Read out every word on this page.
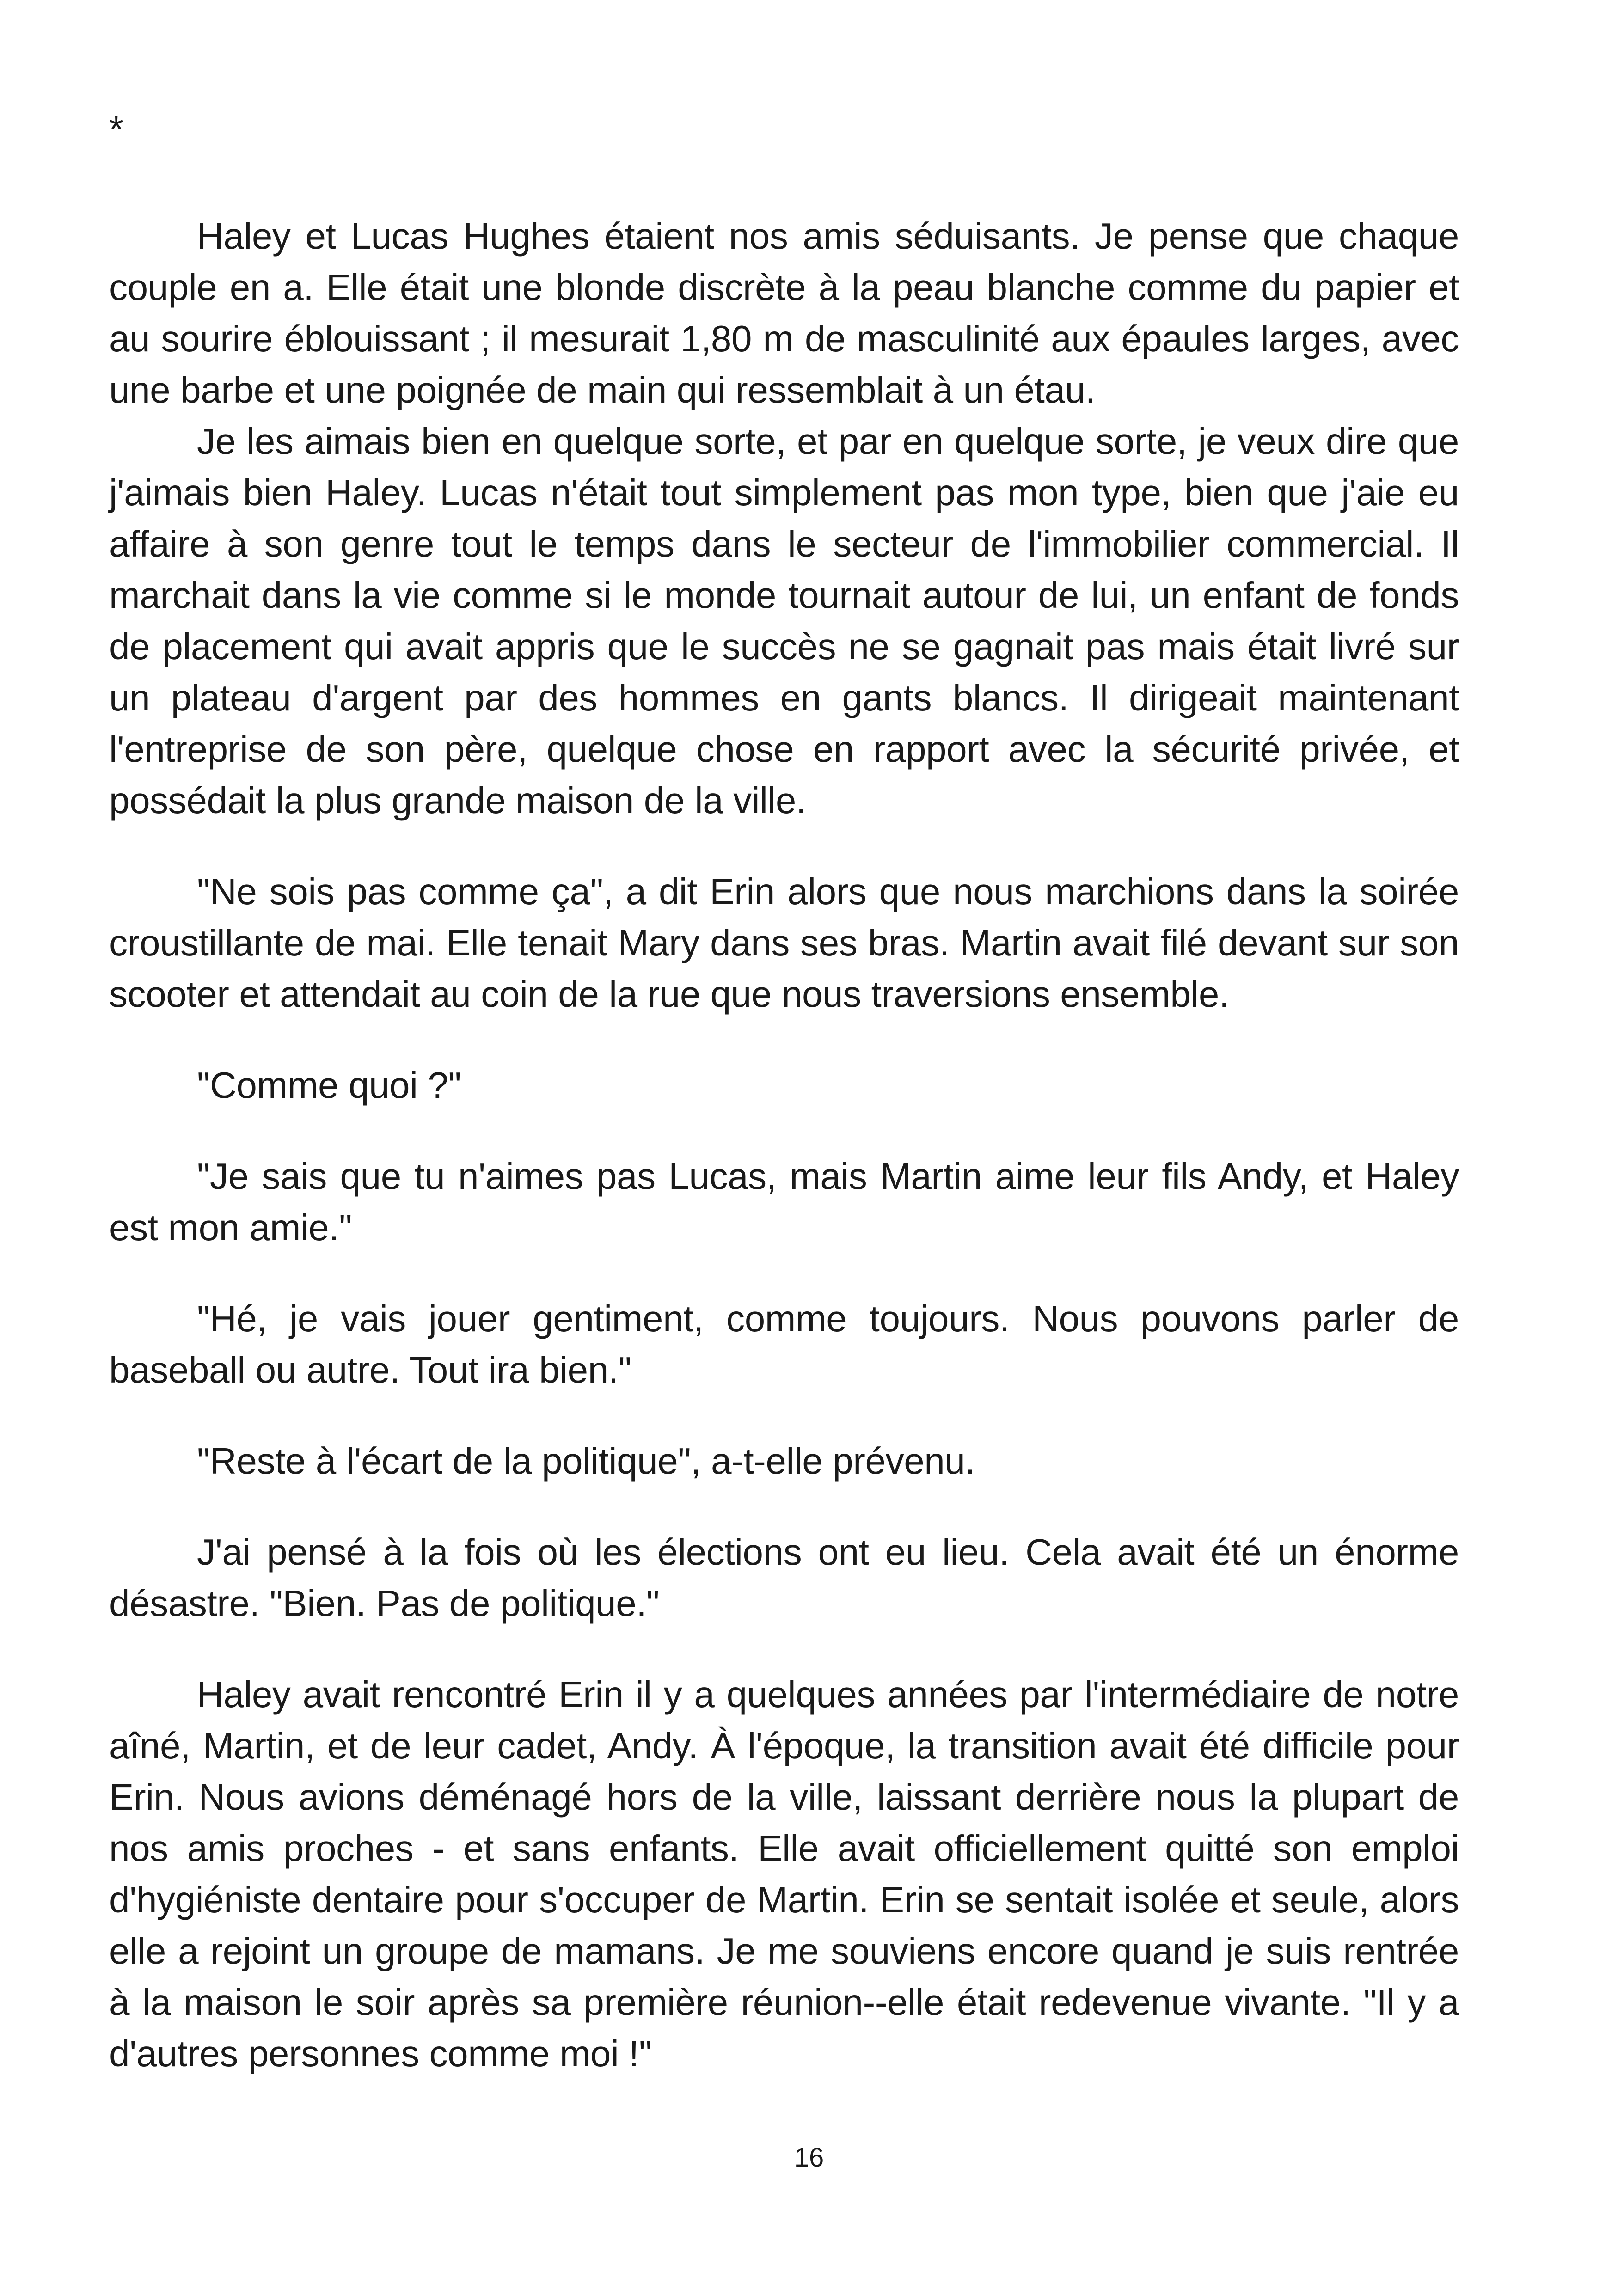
*

Haley et Lucas Hughes étaient nos amis séduisants. Je pense que chaque couple en a. Elle était une blonde discrète à la peau blanche comme du papier et au sourire éblouissant ; il mesurait 1,80 m de masculinité aux épaules larges, avec une barbe et une poignée de main qui ressemblait à un étau.

Je les aimais bien en quelque sorte, et par en quelque sorte, je veux dire que j'aimais bien Haley. Lucas n'était tout simplement pas mon type, bien que j'aie eu affaire à son genre tout le temps dans le secteur de l'immobilier commercial. Il marchait dans la vie comme si le monde tournait autour de lui, un enfant de fonds de placement qui avait appris que le succès ne se gagnait pas mais était livré sur un plateau d'argent par des hommes en gants blancs. Il dirigeait maintenant l'entreprise de son père, quelque chose en rapport avec la sécurité privée, et possédait la plus grande maison de la ville.

"Ne sois pas comme ça", a dit Erin alors que nous marchions dans la soirée croustillante de mai. Elle tenait Mary dans ses bras. Martin avait filé devant sur son scooter et attendait au coin de la rue que nous traversions ensemble.

"Comme quoi ?"

"Je sais que tu n'aimes pas Lucas, mais Martin aime leur fils Andy, et Haley est mon amie."

"Hé, je vais jouer gentiment, comme toujours. Nous pouvons parler de baseball ou autre. Tout ira bien."

"Reste à l'écart de la politique", a-t-elle prévenu.

J'ai pensé à la fois où les élections ont eu lieu. Cela avait été un énorme désastre. "Bien. Pas de politique."

Haley avait rencontré Erin il y a quelques années par l'intermédiaire de notre aîné, Martin, et de leur cadet, Andy. À l'époque, la transition avait été difficile pour Erin. Nous avions déménagé hors de la ville, laissant derrière nous la plupart de nos amis proches - et sans enfants. Elle avait officiellement quitté son emploi d'hygiéniste dentaire pour s'occuper de Martin. Erin se sentait isolée et seule, alors elle a rejoint un groupe de mamans. Je me souviens encore quand je suis rentrée à la maison le soir après sa première réunion--elle était redevenue vivante. "Il y a d'autres personnes comme moi !"

16
